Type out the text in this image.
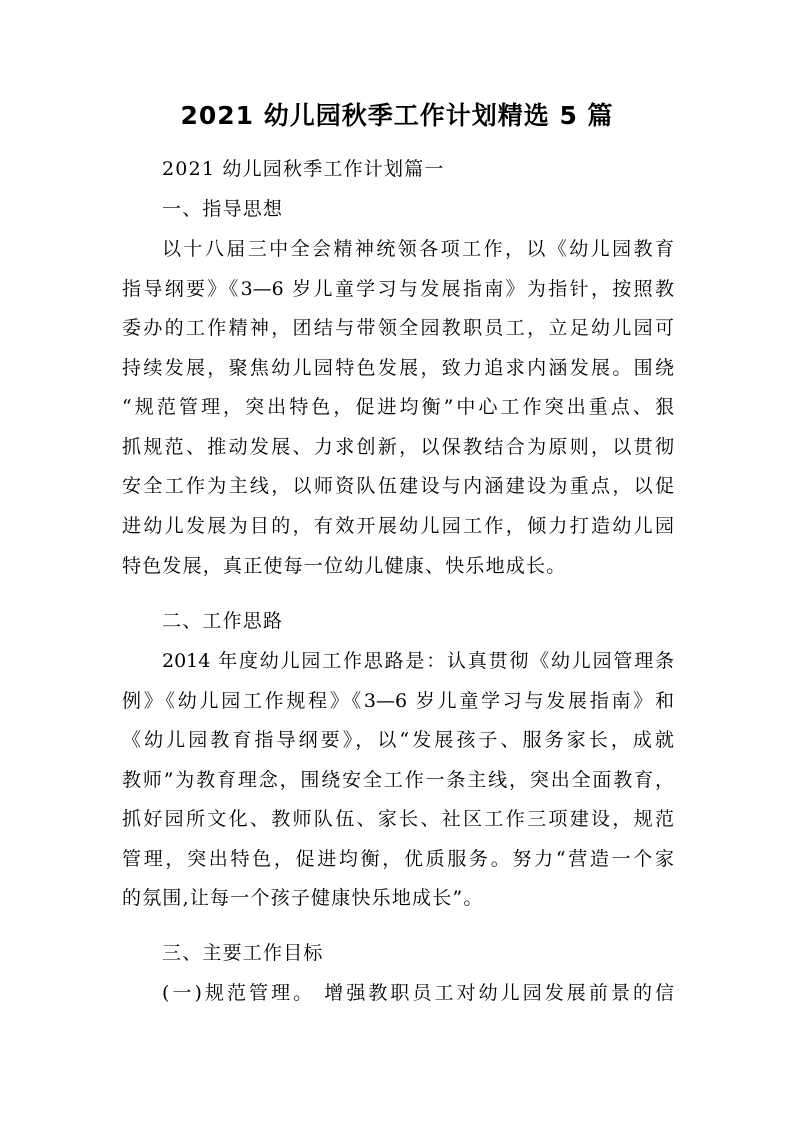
2021 幼儿园秋季工作计划精选 5 篇
2021 幼儿园秋季工作计划篇一
一、指导思想
以十八届三中全会精神统领各项工作，以《幼儿园教育
指导纲要》《3—6 岁儿童学习与发展指南》为指针，按照教
委办的工作精神，团结与带领全园教职员工，立足幼儿园可
持续发展，聚焦幼儿园特色发展，致力追求内涵发展。围绕
“规范管理，突出特色，促进均衡”中心工作突出重点、狠
抓规范、推动发展、力求创新，以保教结合为原则，以贯彻
安全工作为主线，以师资队伍建设与内涵建设为重点，以促
进幼儿发展为目的，有效开展幼儿园工作，倾力打造幼儿园
特色发展，真正使每一位幼儿健康、快乐地成长。
二、工作思路
2014 年度幼儿园工作思路是：认真贯彻《幼儿园管理条
例》《幼儿园工作规程》《3—6 岁儿童学习与发展指南》和
《幼儿园教育指导纲要》，以“发展孩子、服务家长，成就
教师”为教育理念，围绕安全工作一条主线，突出全面教育，
抓好园所文化、教师队伍、家长、社区工作三项建设，规范
管理，突出特色，促进均衡，优质服务。努力“营造一个家
的氛围,让每一个孩子健康快乐地成长”。
三、主要工作目标
(一)规范管理。 增强教职员工对幼儿园发展前景的信
